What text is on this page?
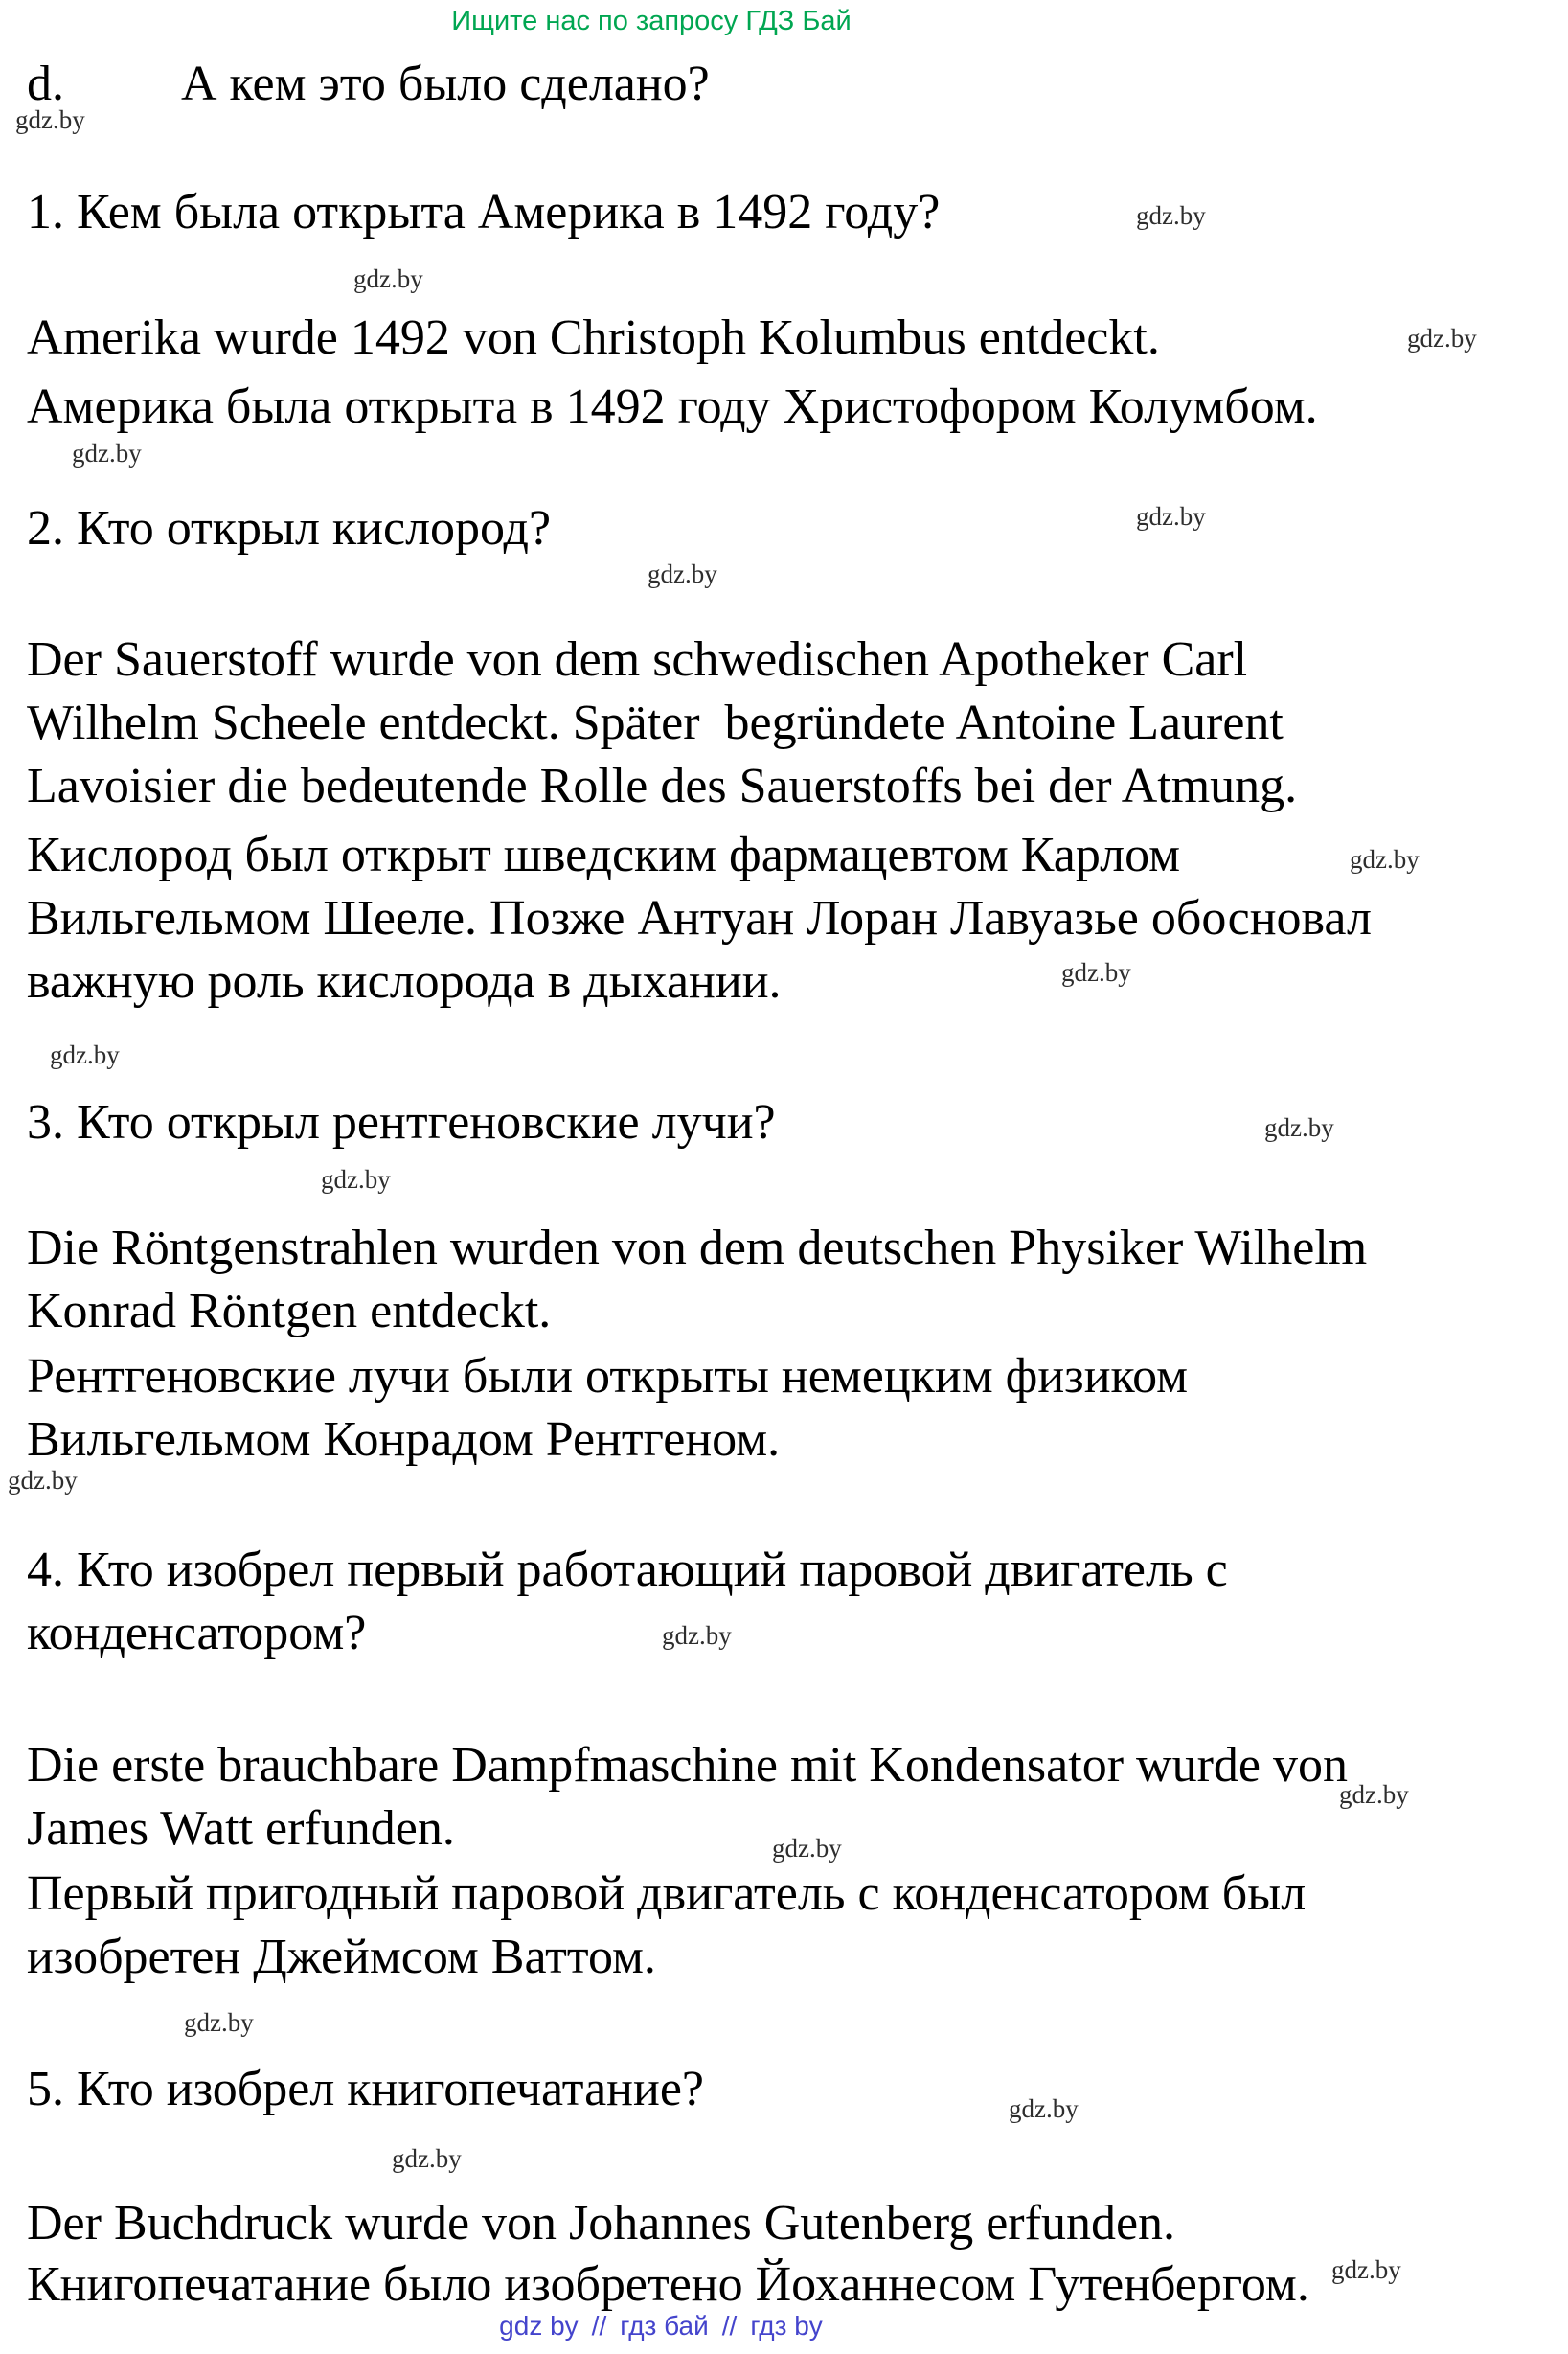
Ищите нас по запросу ГДЗ Бай
d. А кем это было сделано?
1. Кем была открыта Америка в 1492 году?
Amerika wurde 1492 von Christoph Kolumbus entdeckt.
Америка была открыта в 1492 году Христофором Колумбом.
2. Кто открыл кислород?
Der Sauerstoff wurde von dem schwedischen Apotheker Carl
Wilhelm Scheele entdeckt. Später  begründete Antoine Laurent
Lavoisier die bedeutende Rolle des Sauerstoffs bei der Atmung.
Кислород был открыт шведским фармацевтом Карлом
Вильгельмом Шееле. Позже Антуан Лоран Лавуазье обосновал
важную роль кислорода в дыхании.
3. Кто открыл рентгеновские лучи?
Die Röntgenstrahlen wurden von dem deutschen Physiker Wilhelm
Konrad Röntgen entdeckt.
Рентгеновские лучи были открыты немецким физиком
Вильгельмом Конрадом Рентгеном.
4. Кто изобрел первый работающий паровой двигатель с
конденсатором?
Die erste brauchbare Dampfmaschine mit Kondensator wurde von
James Watt erfunden.
Первый пригодный паровой двигатель с конденсатором был
изобретен Джеймсом Ваттом.
5. Кто изобрел книгопечатание?
Der Buchdruck wurde von Johannes Gutenberg erfunden.
Книгопечатание было изобретено Йоханнесом Гутенбергом.
gdz.by
gdz.by
gdz.by
gdz.by
gdz.by
gdz.by
gdz.by
gdz.by
gdz.by
gdz.by
gdz.by
gdz.by
gdz.by
gdz.by
gdz.by
gdz.by
gdz.by
gdz.by
gdz.by
gdz.by
gdz by // гдз бай // гдз by
